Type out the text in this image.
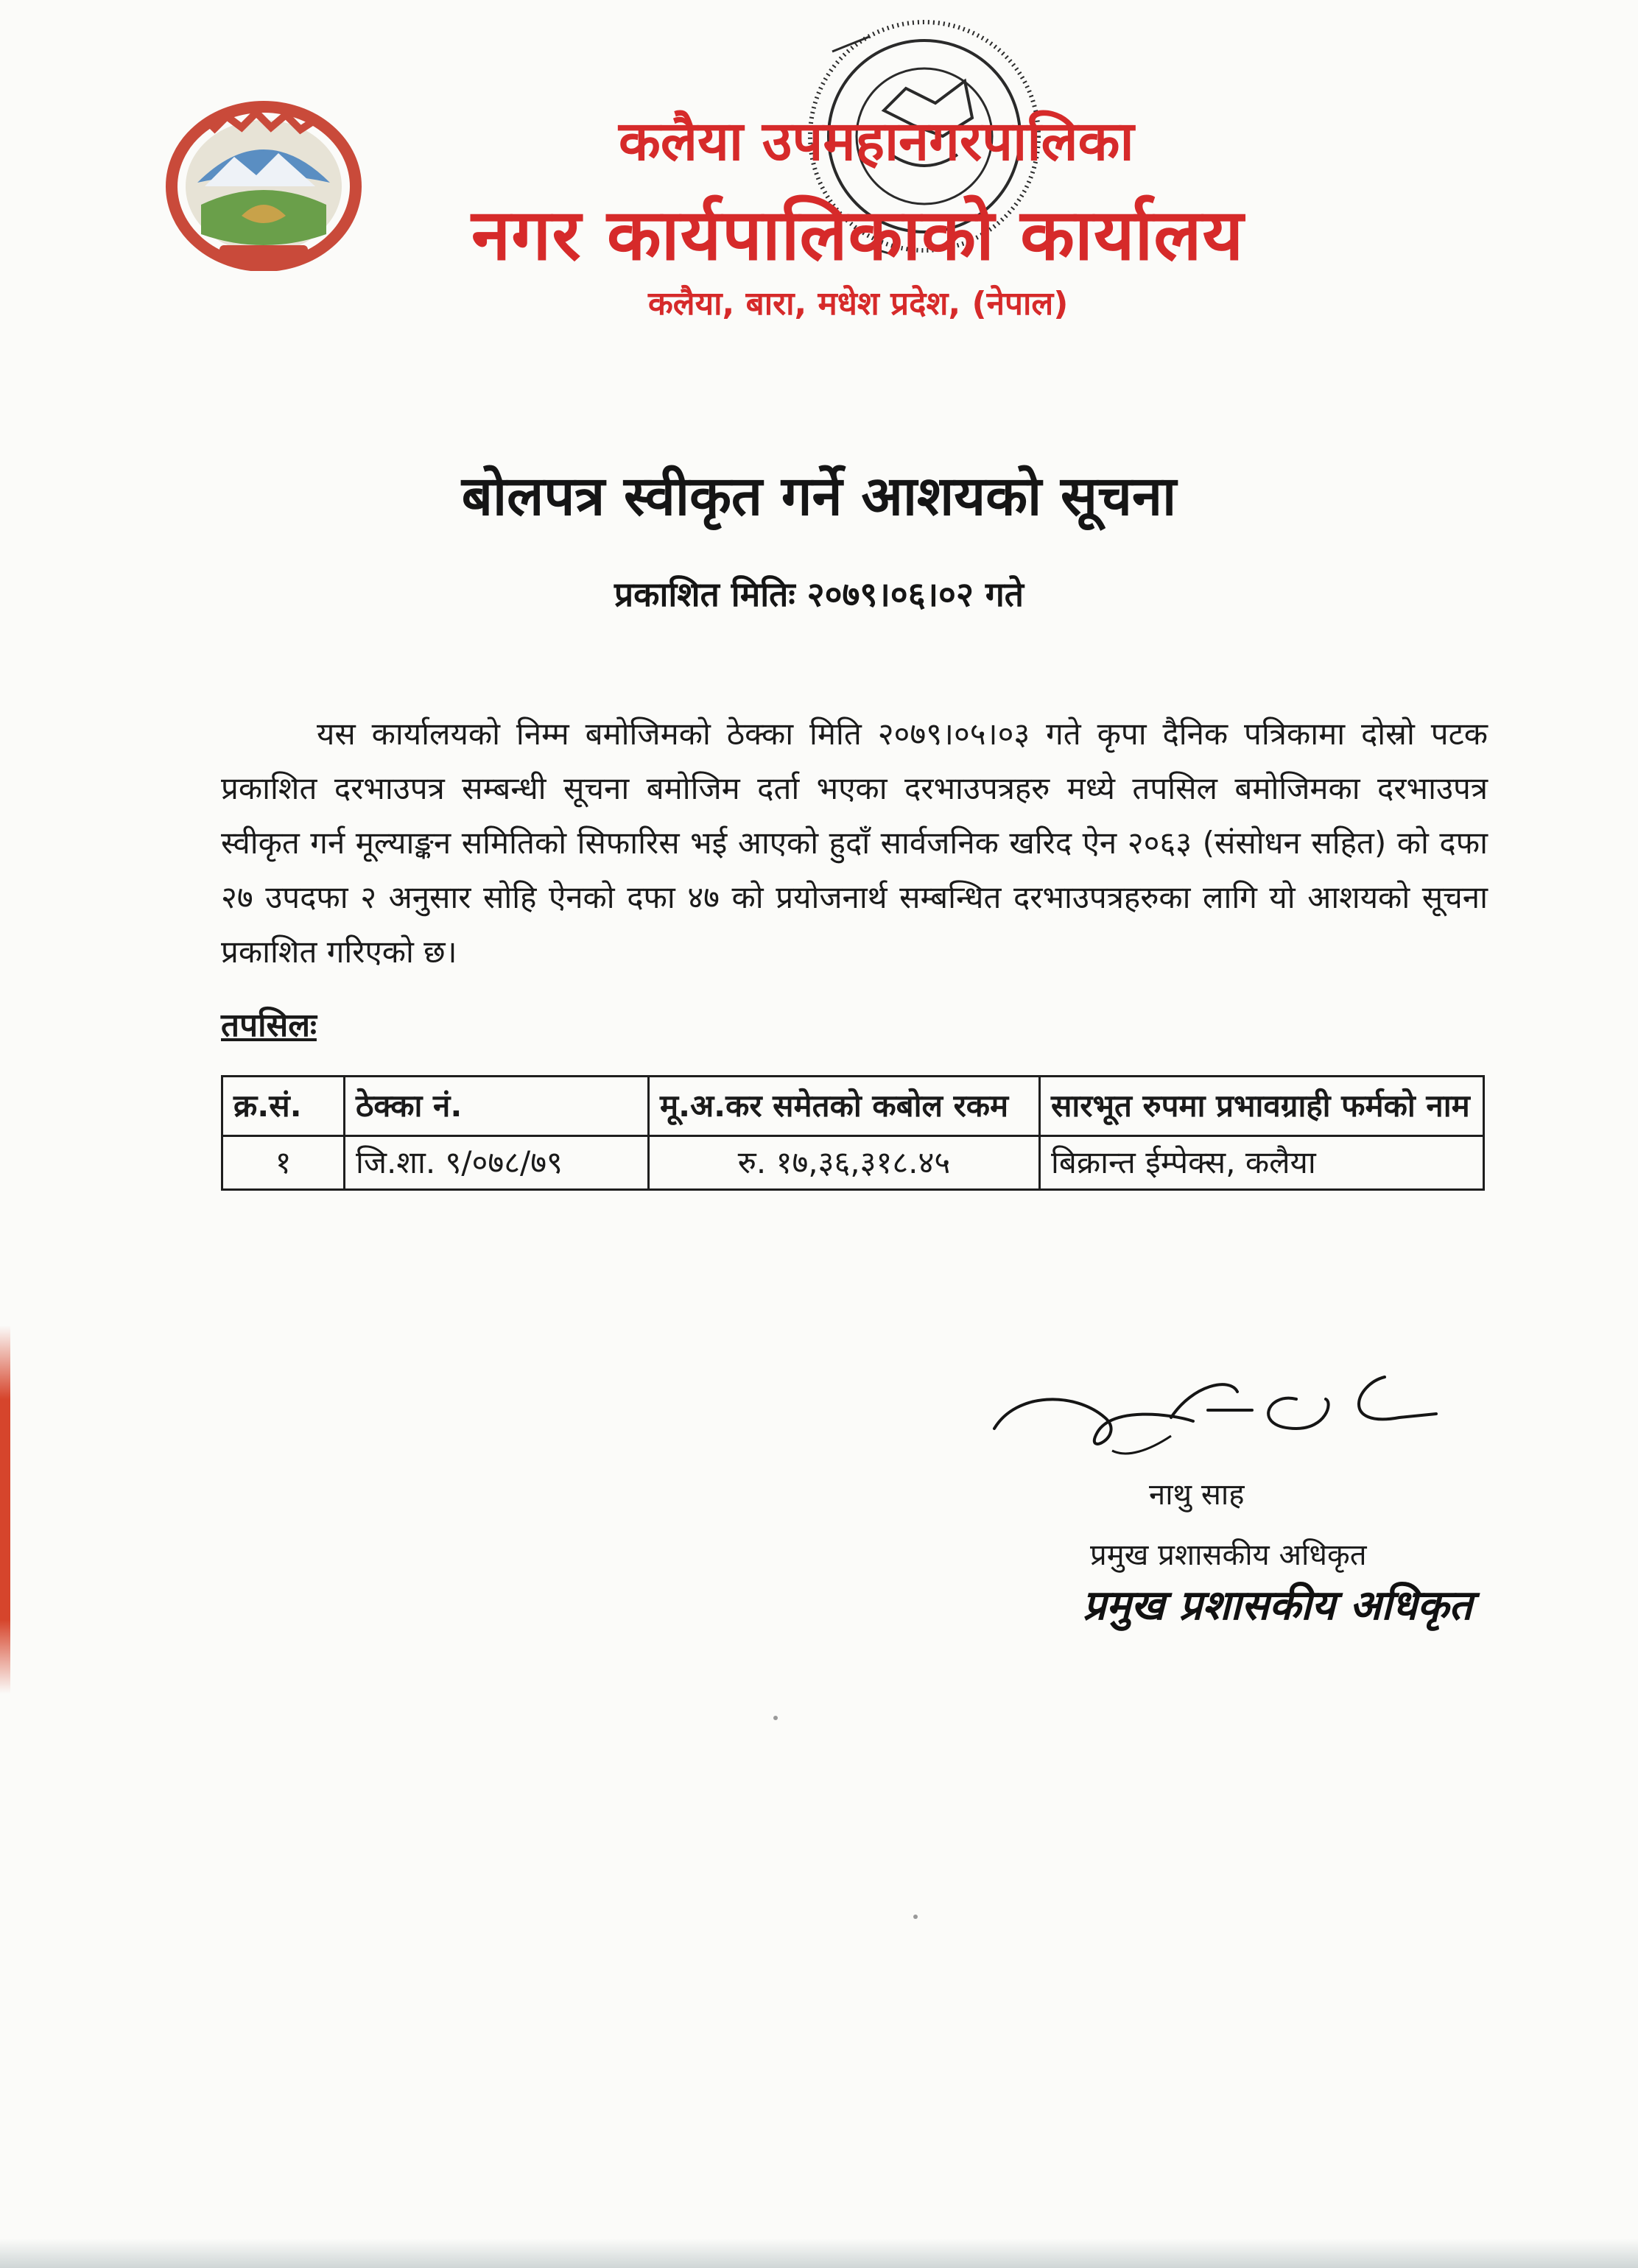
कलैया उपमहानगरपालिका
नगर कार्यपालिकाको कार्यालय
कलैया, बारा, मधेश प्रदेश, (नेपाल)
बोलपत्र स्वीकृत गर्ने आशयको सूचना
प्रकाशित मितिः २०७९।०६।०२ गते
यस कार्यालयको निम्म बमोजिमको ठेक्का मिति २०७९।०५।०३ गते कृपा दैनिक पत्रिकामा दोस्रो पटक प्रकाशित दरभाउपत्र सम्बन्धी सूचना बमोजिम दर्ता भएका दरभाउपत्रहरु मध्ये तपसिल बमोजिमका दरभाउपत्र स्वीकृत गर्न मूल्याङ्कन समितिको सिफारिस भई आएको हुदाँ सार्वजनिक खरिद ऐन २०६३ (संसोधन सहित) को दफा २७ उपदफा २ अनुसार सोहि ऐनको दफा ४७ को प्रयोजनार्थ सम्बन्धित दरभाउपत्रहरुका लागि यो आशयको सूचना प्रकाशित गरिएको छ।
तपसिलः
क्र.सं.	ठेक्का नं.	मू.अ.कर समेतको कबोल रकम	सारभूत रुपमा प्रभावग्राही फर्मको नाम
१	जि.शा. ९/०७८/७९	रु. १७,३६,३१८.४५	बिक्रान्त ईम्पेक्स, कलैया
नाथु साह
प्रमुख प्रशासकीय अधिकृत
प्रमुख प्रशासकीय अधिकृत
